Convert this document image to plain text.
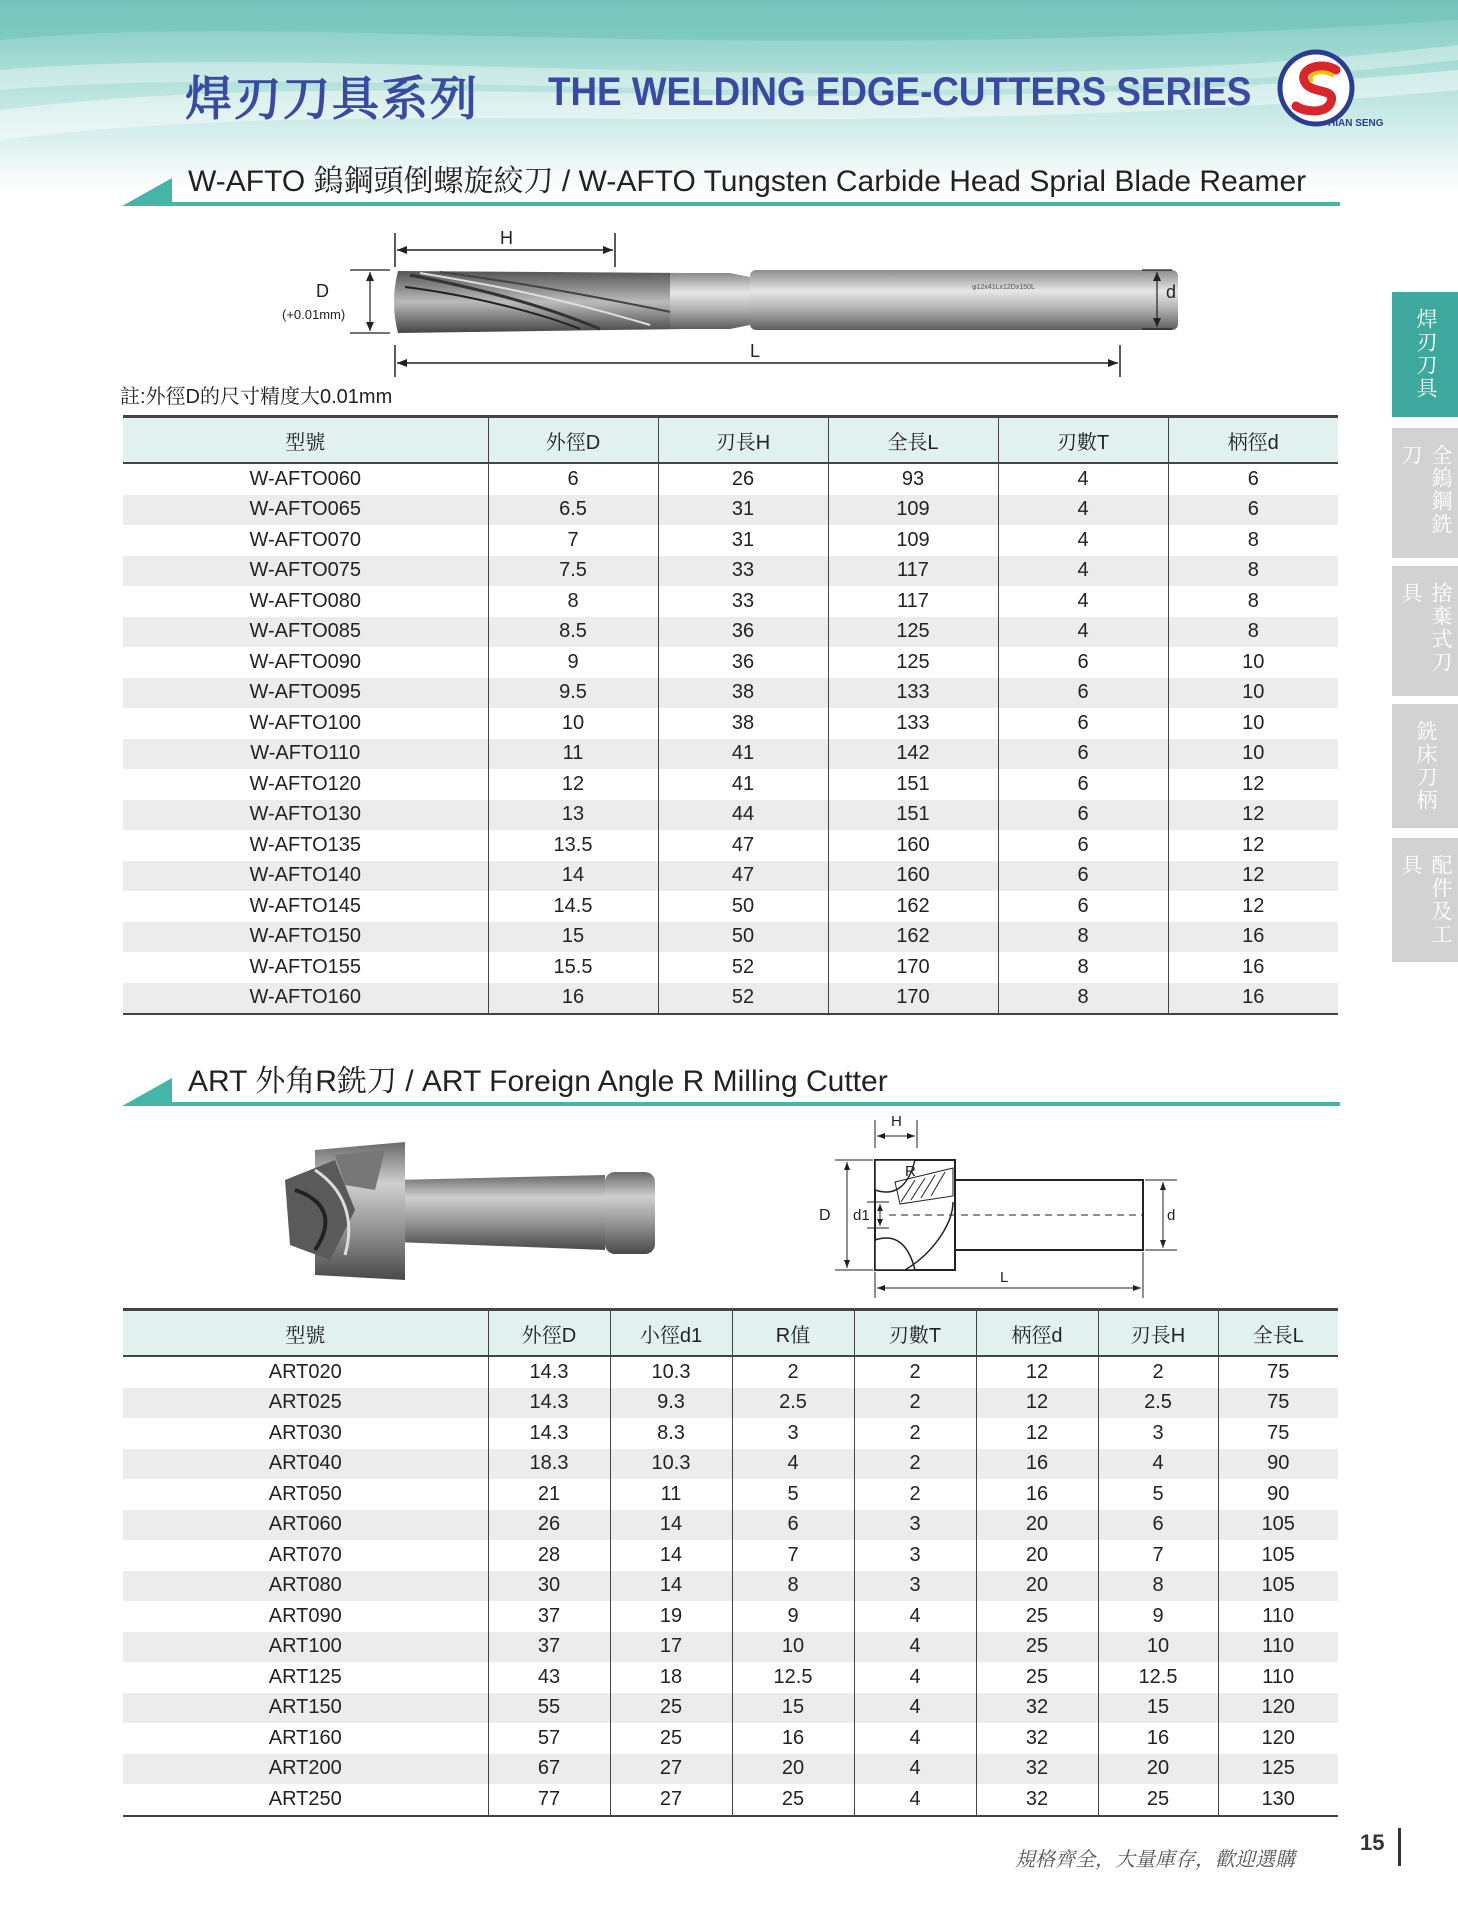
焊刃刀具系列 THE WELDING EDGE-CUTTERS SERIES
HIAN SENG
W-AFTO 鎢鋼頭倒螺旋絞刀 / W-AFTO Tungsten Carbide Head Sprial Blade Reamer
H
D
(+0.01mm)
φ12x41Lx12Dx150L	d
L
註:外徑D的尺寸精度大0.01mm
型號	外徑D	刃長H	全長L	刃數T	柄徑d
W-AFTO060	6	26	93	4	6
W-AFTO065	6.5	31	109	4	6
W-AFTO070	7	31	109	4	8
W-AFTO075	7.5	33	117	4	8
W-AFTO080	8	33	117	4	8
W-AFTO085	8.5	36	125	4	8
W-AFTO090	9	36	125	6	10
W-AFTO095	9.5	38	133	6	10
W-AFTO100	10	38	133	6	10
W-AFTO110	11	41	142	6	10
W-AFTO120	12	41	151	6	12
W-AFTO130	13	44	151	6	12
W-AFTO135	13.5	47	160	6	12
W-AFTO140	14	47	160	6	12
W-AFTO145	14.5	50	162	6	12
W-AFTO150	15	50	162	8	16
W-AFTO155	15.5	52	170	8	16
W-AFTO160	16	52	170	8	16
ART 外角R銑刀 / ART Foreign Angle R Milling Cutter
H
R
D d1	d
L
型號	外徑D	小徑d1	R值	刃數T	柄徑d	刃長H	全長L
ART020	14.3	10.3	2	2	12	2	75
ART025	14.3	9.3	2.5	2	12	2.5	75
ART030	14.3	8.3	3	2	12	3	75
ART040	18.3	10.3	4	2	16	4	90
ART050	21	11	5	2	16	5	90
ART060	26	14	6	3	20	6	105
ART070	28	14	7	3	20	7	105
ART080	30	14	8	3	20	8	105
ART090	37	19	9	4	25	9	110
ART100	37	17	10	4	25	10	110
ART125	43	18	12.5	4	25	12.5	110
ART150	55	25	15	4	32	15	120
ART160	57	25	16	4	32	16	120
ART200	67	27	20	4	32	20	125
ART250	77	27	25	4	32	25	130
焊刃刀具
全鎢鋼銑刀
捨棄式刀具
銑床刀柄
配件及工具
規格齊全，大量庫存，歡迎選購
15
